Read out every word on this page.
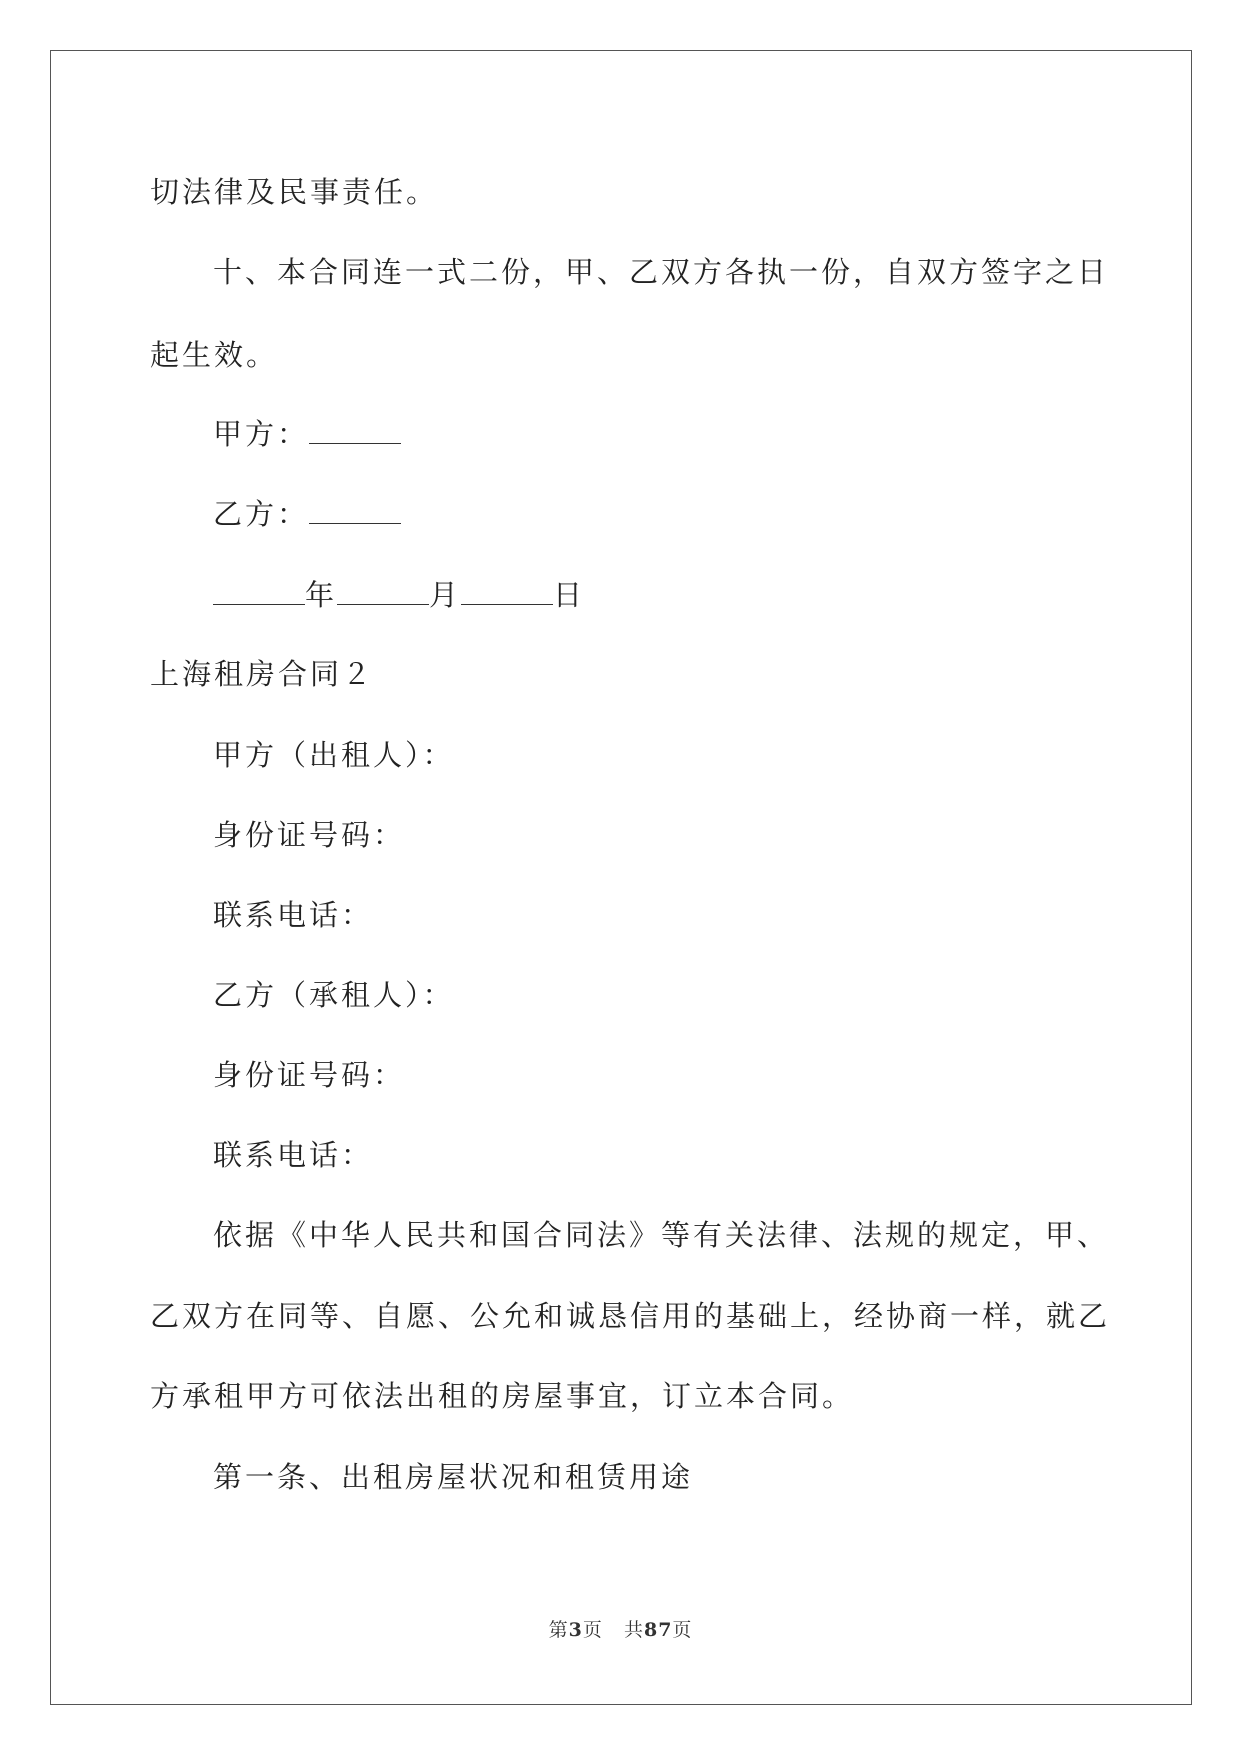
切法律及民事责任。
十、本合同连一式二份，甲、乙双方各执一份，自双方签字之日
起生效。
甲方：
乙方：
年	月	日
上海租房合同２
甲方（出租人）：
身份证号码：
联系电话：
乙方（承租人）：
身份证号码：
联系电话：
依据《中华人民共和国合同法》等有关法律、法规的规定，甲、
乙双方在同等、自愿、公允和诚恳信用的基础上，经协商一样，就乙
方承租甲方可依法出租的房屋事宜，订立本合同。
第一条、出租房屋状况和租赁用途
第3页 共87页
